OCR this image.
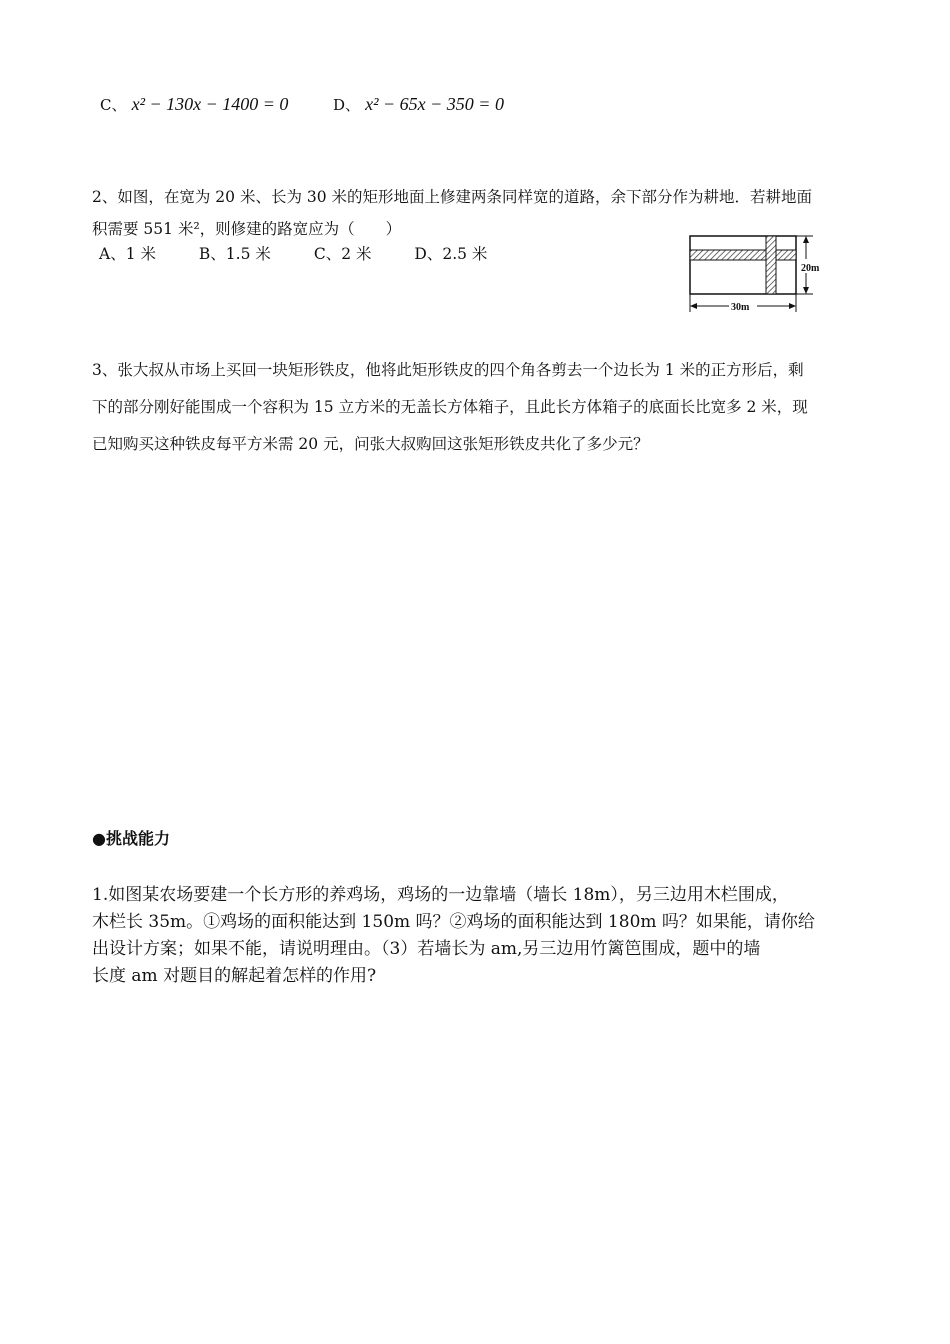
C、 x² − 130x − 1400 = 0	D、 x² − 65x − 350 = 0
2、如图，在宽为 20 米、长为 30 米的矩形地面上修建两条同样宽的道路，余下部分作为耕地．若耕地面
积需要 551 米²，则修建的路宽应为（　　）
A、1 米	B、1.5 米	C、2 米	D、2.5 米
20m
30m
3、张大叔从市场上买回一块矩形铁皮，他将此矩形铁皮的四个角各剪去一个边长为 1 米的正方形后，剩
下的部分刚好能围成一个容积为 15 立方米的无盖长方体箱子，且此长方体箱子的底面长比宽多 2 米，现
已知购买这种铁皮每平方米需 20 元，问张大叔购回这张矩形铁皮共化了多少元？
●挑战能力
1.如图某农场要建一个长方形的养鸡场，鸡场的一边靠墙（墙长 18m），另三边用木栏围成，
木栏长 35m。①鸡场的面积能达到 150m 吗？②鸡场的面积能达到 180m 吗？如果能，请你给
出设计方案；如果不能，请说明理由。（3）若墙长为 am,另三边用竹篱笆围成，题中的墙
长度 am 对题目的解起着怎样的作用?
